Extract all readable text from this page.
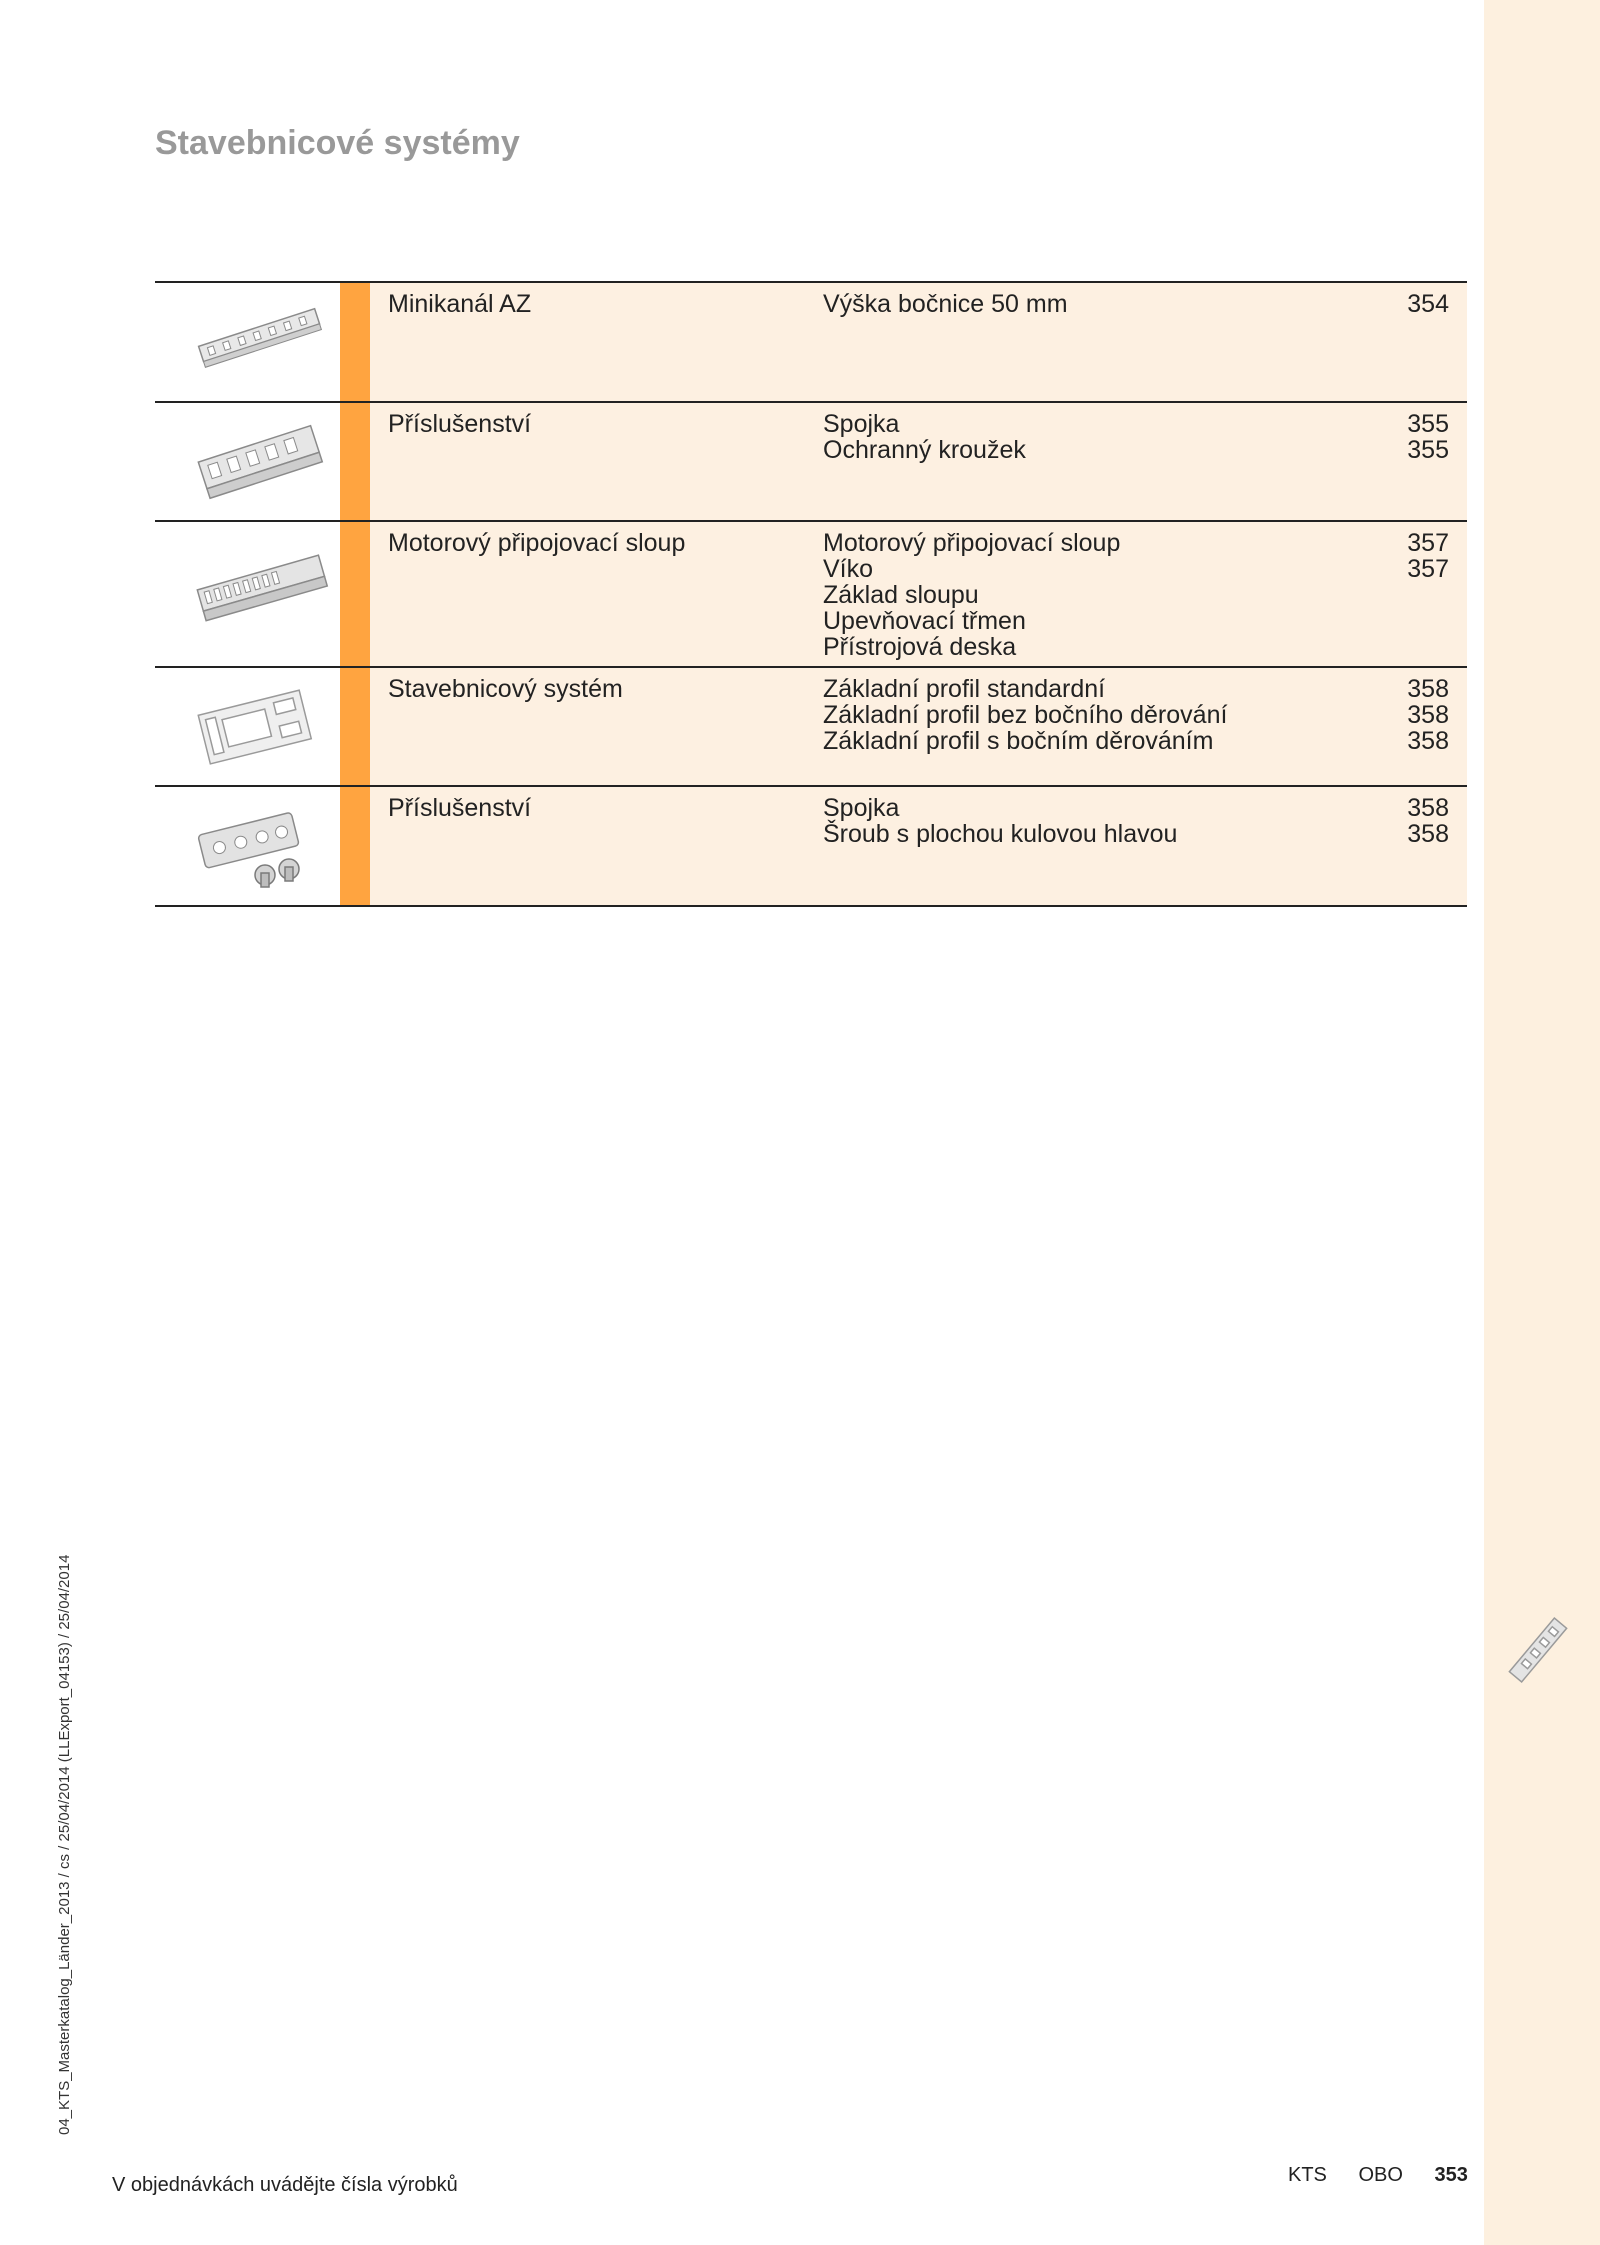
Stavebnicové systémy
Minikanál AZ	Výška bočnice 50 mm	354
Příslušenství	Spojka	355
Ochranný kroužek	355
Motorový připojovací sloup	Motorový připojovací sloup	357
Víko	357
Základ sloupu
Upevňovací třmen
Přístrojová deska
Stavebnicový systém	Základní profil standardní	358
Základní profil bez bočního děrování	358
Základní profil s bočním děrováním	358
Příslušenství	Spojka	358
Šroub s plochou kulovou hlavou	358
04_KTS_Masterkatalog_Länder_2013 / cs / 25/04/2014 (LLExport_04153) / 25/04/2014
V objednávkách uvádějte čísla výrobků	KTS OBO 353
